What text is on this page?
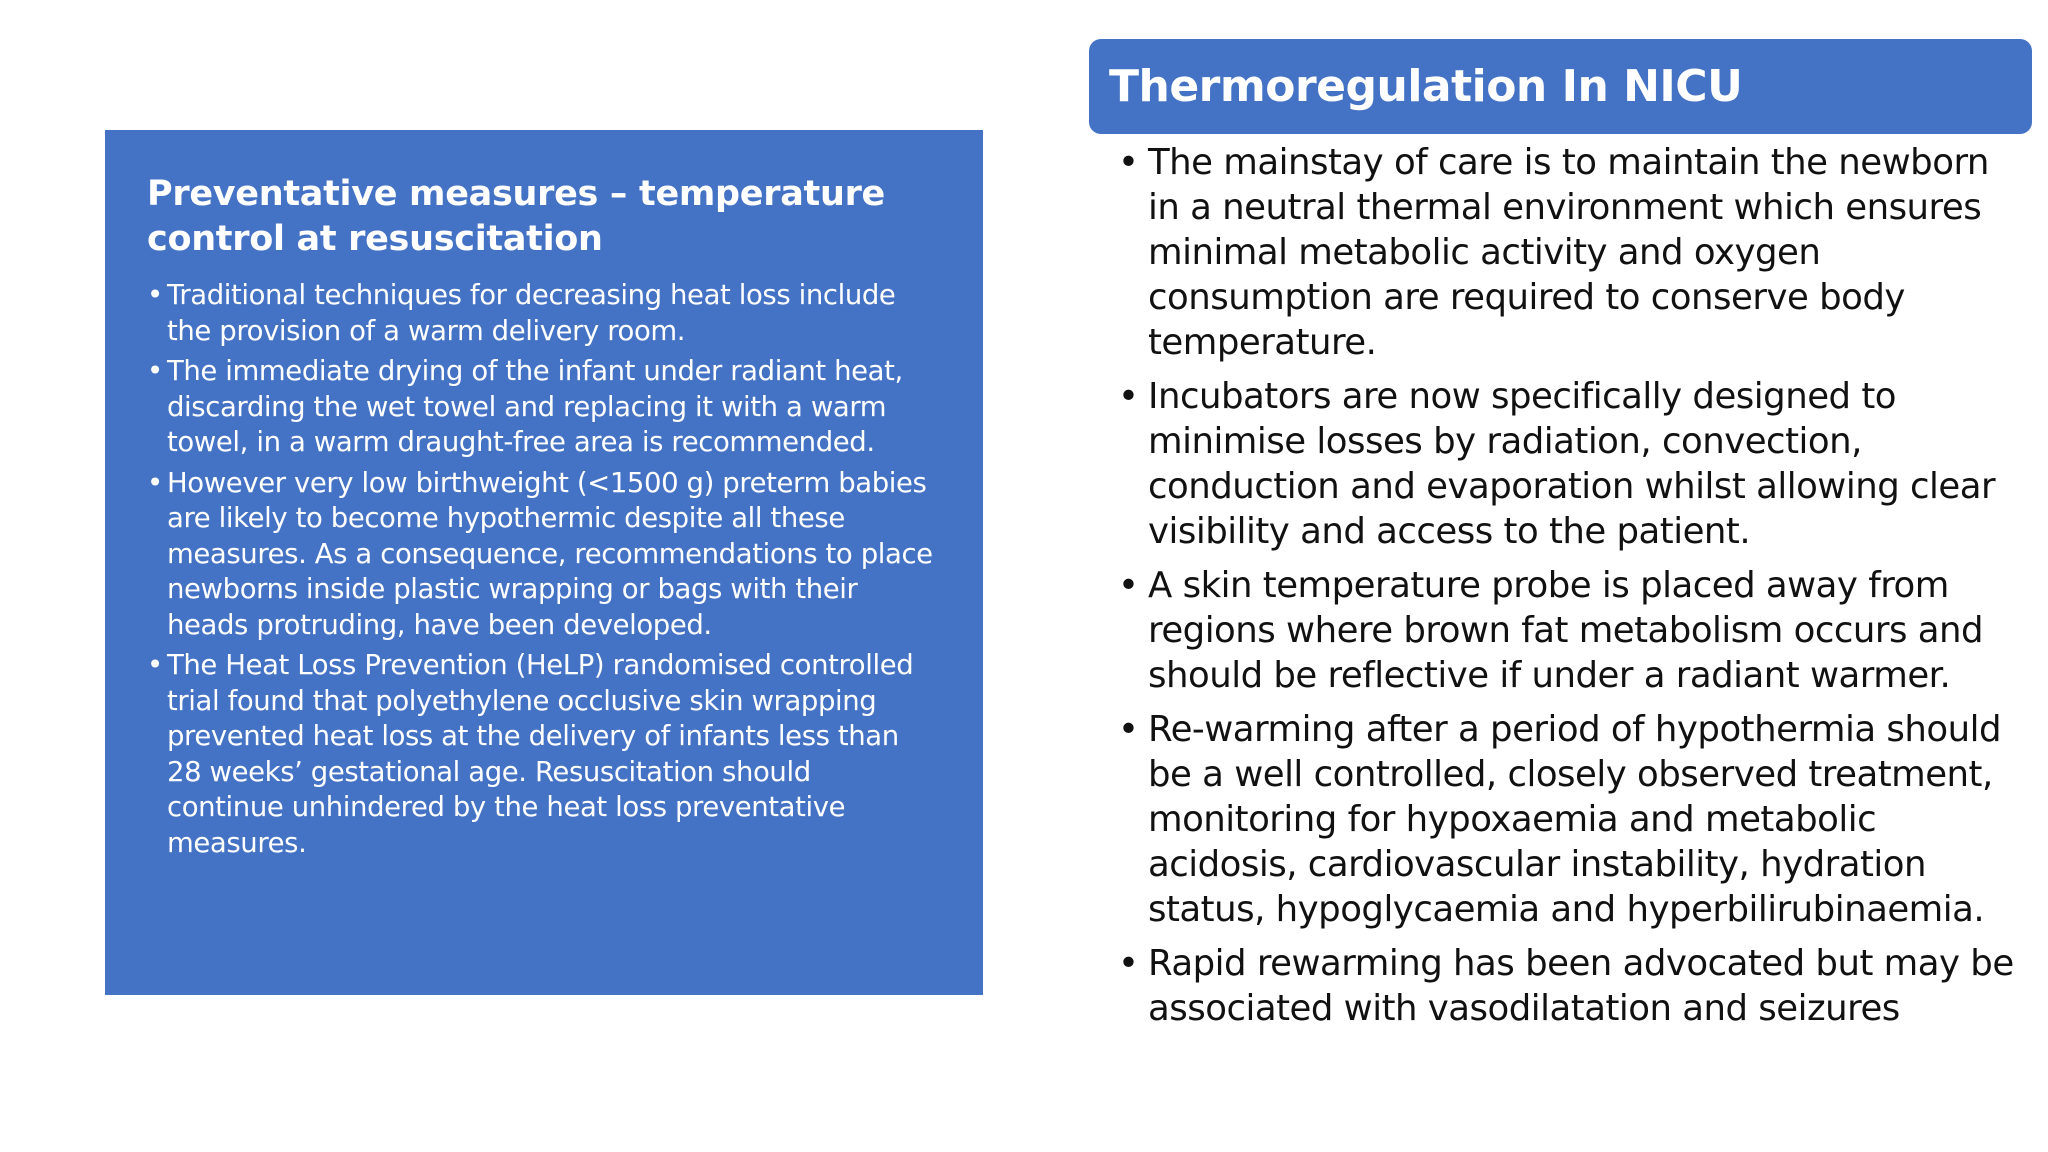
Preventative measures – temperature control at resuscitation
• Traditional techniques for decreasing heat loss include the provision of a warm delivery room.
• The immediate drying of the infant under radiant heat, discarding the wet towel and replacing it with a warm towel, in a warm draught-free area is recommended.
• However very low birthweight (<1500 g) preterm babies are likely to become hypothermic despite all these measures. As a consequence, recommendations to place newborns inside plastic wrapping or bags with their heads protruding, have been developed.
• The Heat Loss Prevention (HeLP) randomised controlled trial found that polyethylene occlusive skin wrapping prevented heat loss at the delivery of infants less than 28 weeks’ gestational age. Resuscitation should continue unhindered by the heat loss preventative measures.
Thermoregulation In NICU
• The mainstay of care is to maintain the newborn in a neutral thermal environment which ensures minimal metabolic activity and oxygen consumption are required to conserve body temperature.
• Incubators are now specifically designed to minimise losses by radiation, convection, conduction and evaporation whilst allowing clear visibility and access to the patient.
• A skin temperature probe is placed away from regions where brown fat metabolism occurs and should be reflective if under a radiant warmer.
• Re-warming after a period of hypothermia should be a well controlled, closely observed treatment, monitoring for hypoxaemia and metabolic acidosis, cardiovascular instability, hydration status, hypoglycaemia and hyperbilirubinaemia.
• Rapid rewarming has been advocated but may be associated with vasodilatation and seizures
